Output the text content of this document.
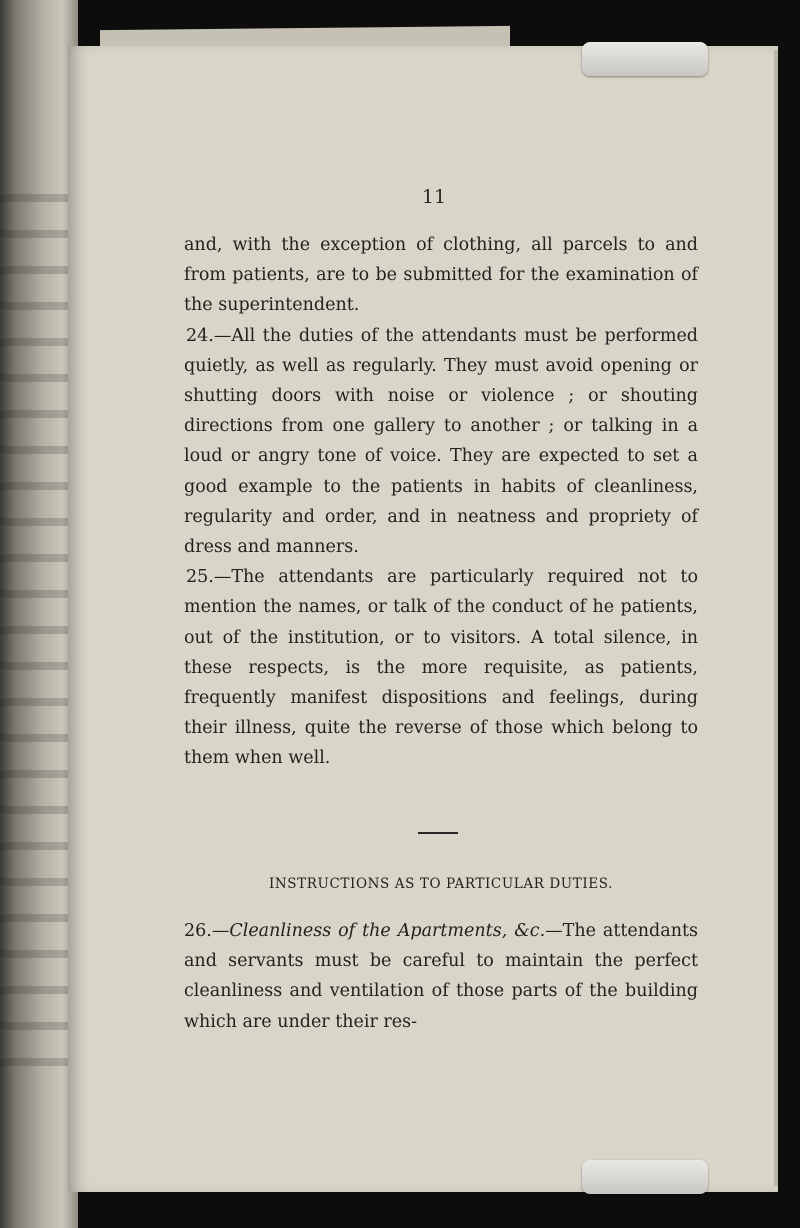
11

and, with the exception of clothing, all parcels to and from patients, are to be submitted for the examination of the superintendent.

24.—All the duties of the attendants must be performed quietly, as well as regularly. They must avoid opening or shutting doors with noise or violence ; or shouting directions from one gallery to another ; or talking in a loud or angry tone of voice. They are expected to set a good example to the patients in habits of cleanliness, regularity and order, and in neatness and propriety of dress and manners.

25.—The attendants are particularly required not to mention the names, or talk of the conduct of he patients, out of the institution, or to visitors. A total silence, in these respects, is the more requisite, as patients, frequently manifest dispositions and feelings, during their illness, quite the reverse of those which belong to them when well.

INSTRUCTIONS AS TO PARTICULAR DUTIES.

26.—Cleanliness of the Apartments, &c.—The attendants and servants must be careful to maintain the perfect cleanliness and ventilation of those parts of the building which are under their res-
